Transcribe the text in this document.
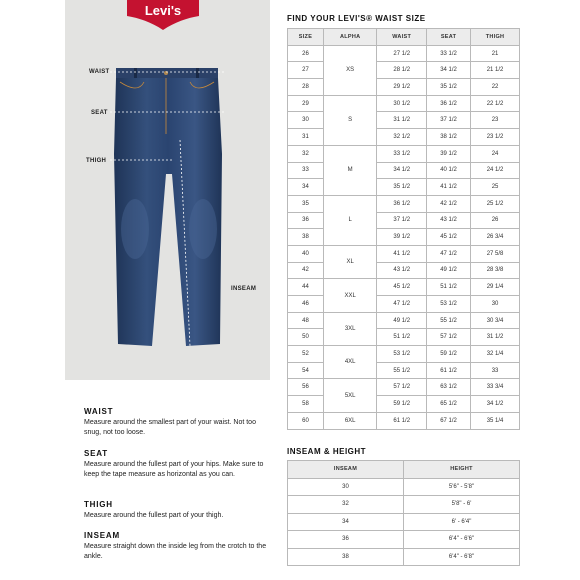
Levi's
WAIST
SEAT
THIGH
INSEAM
WAIST

Measure around the smallest part of your waist. Not too snug, not too loose.

SEAT

Measure around the fullest part of your hips. Make sure to keep the tape measure as horizontal as you can.

THIGH

Measure around the fullest part of your thigh.

INSEAM

Measure straight down the inside leg from the crotch to the ankle.

FIND YOUR LEVI'S® WAIST SIZE
SIZE	ALPHA	WAIST	SEAT	THIGH
26	XS	27 1/2	33 1/2	21
27		28 1/2	34 1/2	21 1/2
28		29 1/2	35 1/2	22
29	S	30 1/2	36 1/2	22 1/2
30		31 1/2	37 1/2	23
31		32 1/2	38 1/2	23 1/2
32	M	33 1/2	39 1/2	24
33		34 1/2	40 1/2	24 1/2
34		35 1/2	41 1/2	25
35	L	36 1/2	42 1/2	25 1/2
36		37 1/2	43 1/2	26
38		39 1/2	45 1/2	26 3/4
40	XL	41 1/2	47 1/2	27 5/8
42		43 1/2	49 1/2	28 3/8
44	XXL	45 1/2	51 1/2	29 1/4
46		47 1/2	53 1/2	30
48	3XL	49 1/2	55 1/2	30 3/4
50		51 1/2	57 1/2	31 1/2
52	4XL	53 1/2	59 1/2	32 1/4
54		55 1/2	61 1/2	33
56	5XL	57 1/2	63 1/2	33 3/4
58		59 1/2	65 1/2	34 1/2
60	6XL	61 1/2	67 1/2	35 1/4
INSEAM & HEIGHT
INSEAM	HEIGHT
30	5'6" - 5'8"
32	5'8" - 6'
34	6' - 6'4"
36	6'4" - 6'6"
38	6'4" - 6'8"
